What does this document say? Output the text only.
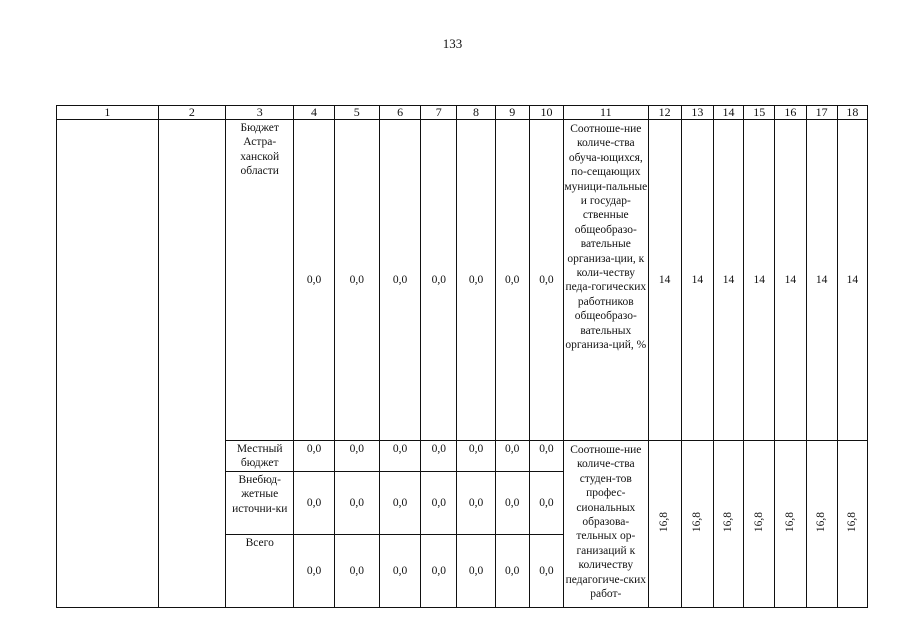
133
1	2	3	4	5	6	7	8	9	10	11	12	13	14	15	16	17	18
		Бюджет Астра-ханской области	0,0	0,0	0,0	0,0	0,0	0,0	0,0	Соотноше-ние количе-ства обуча-ющихся, по-сещающих муници-пальные и государ-ственные общеобразо-вательные организа-ции, к коли-честву педа-гогических работников общеобразо-вательных организа-ций, %	14	14	14	14	14	14	14
		Местный бюджет	0,0	0,0	0,0	0,0	0,0	0,0	0,0	Соотноше-ние количе-ства студен-тов профес-сиональных образова-тельных ор-ганизаций к количеству педагогиче-ских работ-	16,8	16,8	16,8	16,8	16,8	16,8	16,8
		Внебюд-жетные источни-ки	0,0	0,0	0,0	0,0	0,0	0,0	0,0								
		Всего	0,0	0,0	0,0	0,0	0,0	0,0	0,0								
